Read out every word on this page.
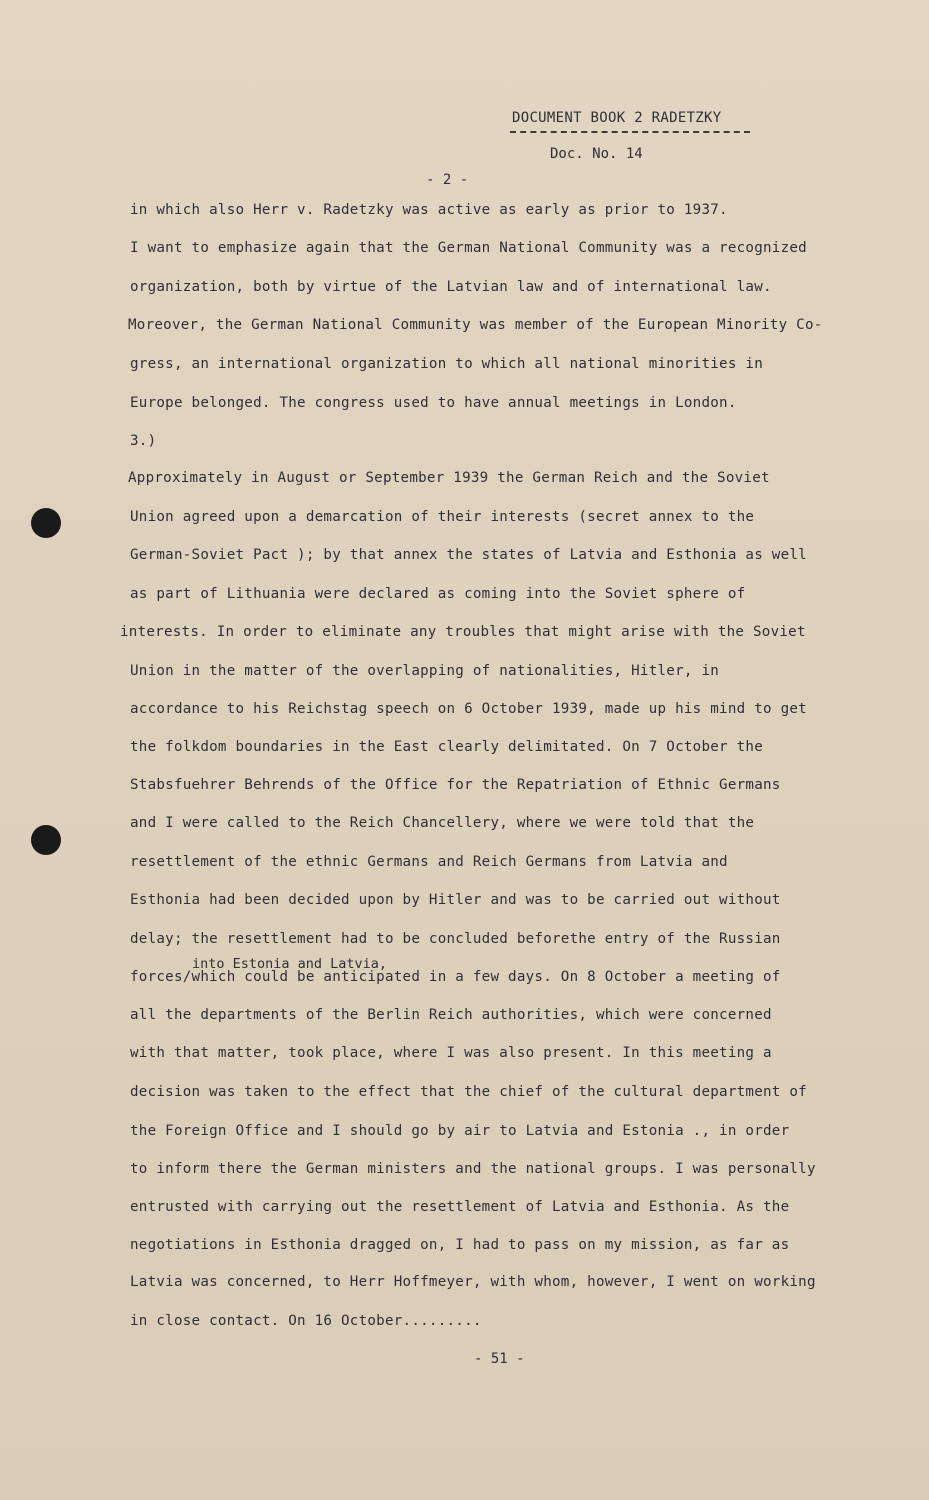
DOCUMENT BOOK 2 RADETZKY
Doc. No. 14
- 2 -
in which also Herr v. Radetzky was active as early as prior to 1937.
I want to emphasize again that the German National Community was a recognized
organization, both by virtue of the Latvian law and of international law.
Moreover, the German National Community was member of the European Minority Co-
gress, an international organization to which all national minorities in
Europe belonged. The congress used to have annual meetings in London.
3.)
Approximately in August or September 1939 the German Reich and the Soviet
Union agreed upon a demarcation of their interests (secret annex to the
German-Soviet Pact ); by that annex the states of Latvia and Esthonia as well
as part of Lithuania were declared as coming into the Soviet sphere of
interests. In order to eliminate any troubles that might arise with the Soviet
Union in the matter of the overlapping of nationalities, Hitler, in
accordance to his Reichstag speech on 6 October 1939, made up his mind to get
the folkdom boundaries in the East clearly delimitated. On 7 October the
Stabsfuehrer Behrends of the Office for the Repatriation of Ethnic Germans
and I were called to the Reich Chancellery, where we were told that the
resettlement of the ethnic Germans and Reich Germans from Latvia and
Esthonia had been decided upon by Hitler and was to be carried out without
delay; the resettlement had to be concluded beforethe entry of the Russian
into Estonia and Latvia,
forces/which could be anticipated in a few days. On 8 October a meeting of
all the departments of the Berlin Reich authorities, which were concerned
with that matter, took place, where I was also present. In this meeting a
decision was taken to the effect that the chief of the cultural department of
the Foreign Office and I should go by air to Latvia and Estonia ., in order
to inform there the German ministers and the national groups. I was personally
entrusted with carrying out the resettlement of Latvia and Esthonia. As the
negotiations in Esthonia dragged on, I had to pass on my mission, as far as
Latvia was concerned, to Herr Hoffmeyer, with whom, however, I went on working
in close contact. On 16 October.........
- 51 -
